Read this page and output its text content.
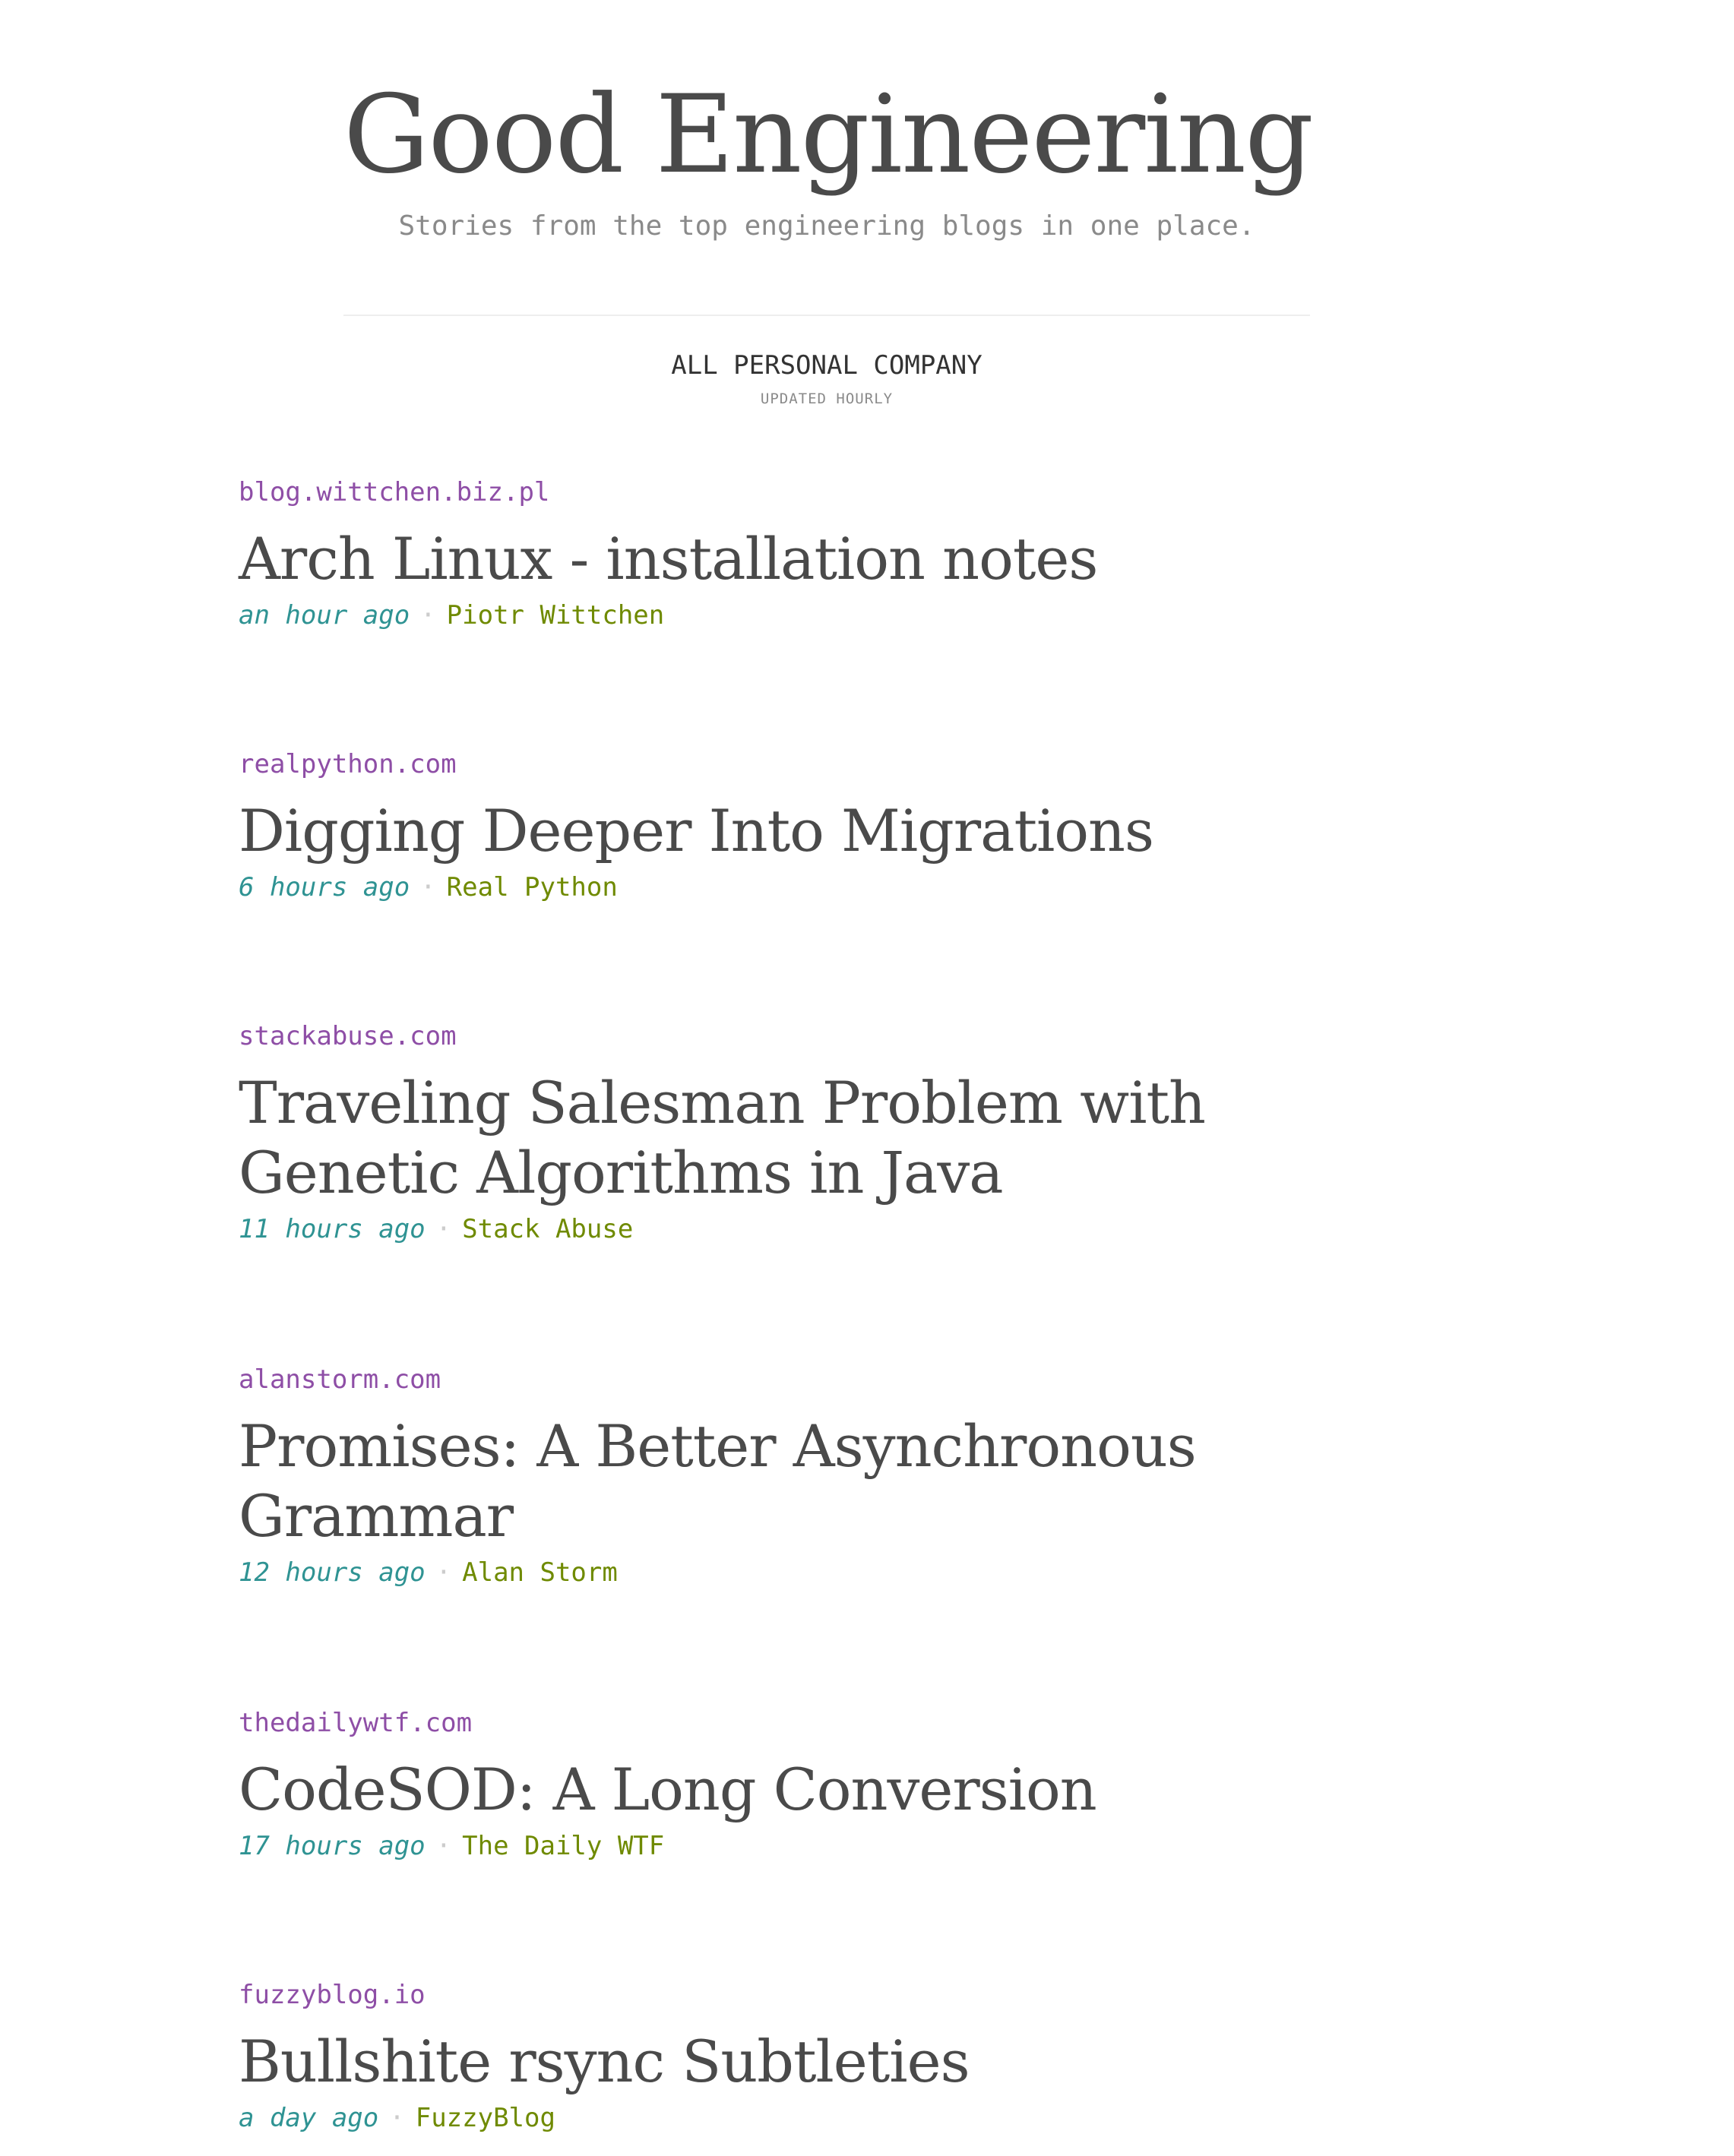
Good Engineering
Stories from the top engineering blogs in one place.
ALL PERSONAL COMPANY
UPDATED HOURLY
blog.wittchen.biz.pl
Arch Linux - installation notes
an hour ago · Piotr Wittchen
realpython.com
Digging Deeper Into Migrations
6 hours ago · Real Python
stackabuse.com
Traveling Salesman Problem with Genetic Algorithms in Java
11 hours ago · Stack Abuse
alanstorm.com
Promises: A Better Asynchronous Grammar
12 hours ago · Alan Storm
thedailywtf.com
CodeSOD: A Long Conversion
17 hours ago · The Daily WTF
fuzzyblog.io
Bullshite rsync Subtleties
a day ago · FuzzyBlog
